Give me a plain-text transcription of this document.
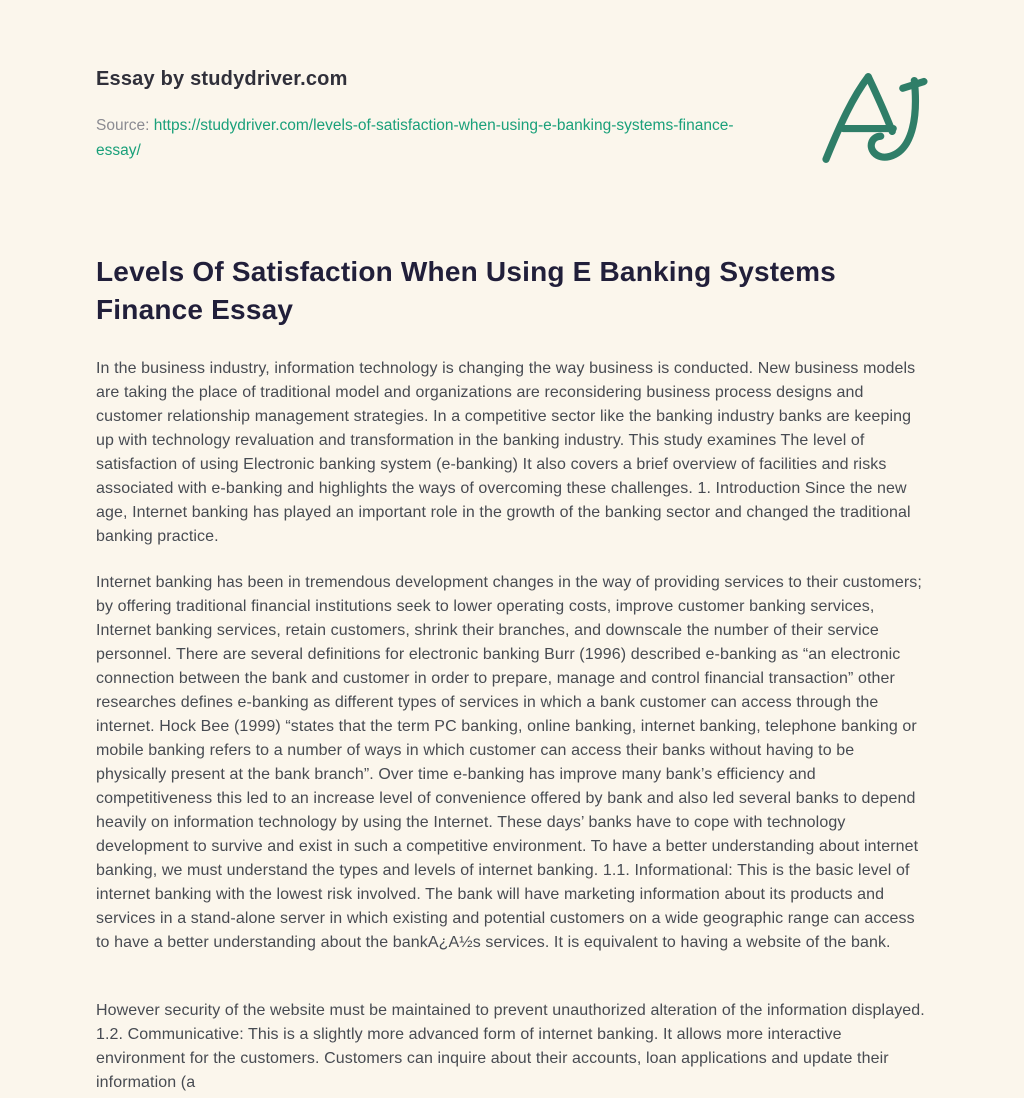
Essay by studydriver.com

Source: https://studydriver.com/levels-of-satisfaction-when-using-e-banking-systems-finance-essay/

Levels Of Satisfaction When Using E Banking Systems Finance Essay

In the business industry, information technology is changing the way business is conducted. New business models are taking the place of traditional model and organizations are reconsidering business process designs and customer relationship management strategies. In a competitive sector like the banking industry banks are keeping up with technology revaluation and transformation in the banking industry. This study examines The level of satisfaction of using Electronic banking system (e-banking) It also covers a brief overview of facilities and risks associated with e-banking and highlights the ways of overcoming these challenges. 1. Introduction Since the new age, Internet banking has played an important role in the growth of the banking sector and changed the traditional banking practice.

Internet banking has been in tremendous development changes in the way of providing services to their customers; by offering traditional financial institutions seek to lower operating costs, improve customer banking services, Internet banking services, retain customers, shrink their branches, and downscale the number of their service personnel. There are several definitions for electronic banking Burr (1996) described e-banking as “an electronic connection between the bank and customer in order to prepare, manage and control financial transaction” other researches defines e-banking as different types of services in which a bank customer can access through the internet. Hock Bee (1999) “states that the term PC banking, online banking, internet banking, telephone banking or mobile banking refers to a number of ways in which customer can access their banks without having to be physically present at the bank branch”. Over time e-banking has improve many bank’s efficiency and competitiveness this led to an increase level of convenience offered by bank and also led several banks to depend heavily on information technology by using the Internet. These days’ banks have to cope with technology development to survive and exist in such a competitive environment. To have a better understanding about internet banking, we must understand the types and levels of internet banking. 1.1. Informational: This is the basic level of internet banking with the lowest risk involved. The bank will have marketing information about its products and services in a stand-alone server in which existing and potential customers on a wide geographic range can access to have a better understanding about the bankA¿A½s services. It is equivalent to having a website of the bank.

However security of the website must be maintained to prevent unauthorized alteration of the information displayed. 1.2. Communicative: This is a slightly more advanced form of internet banking. It allows more interactive environment for the customers. Customers can inquire about their accounts, loan applications and update their information (a
